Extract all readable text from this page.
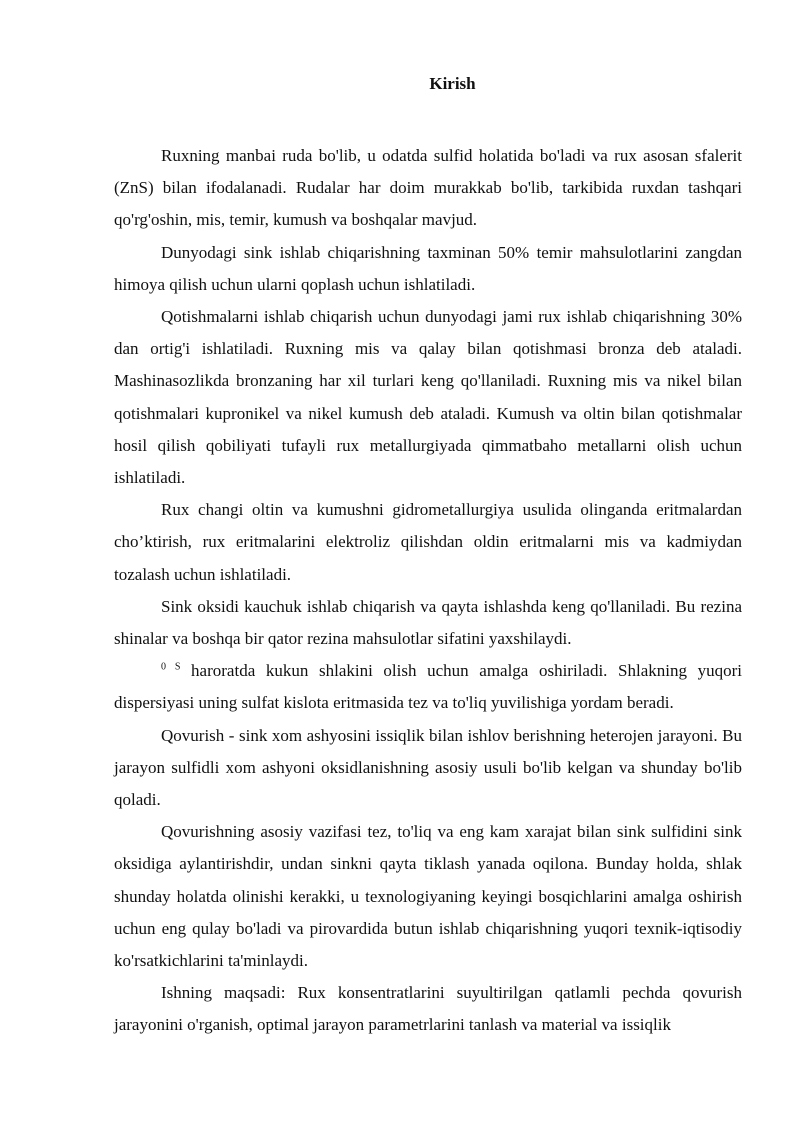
Kirish

Ruxning manbai ruda bo'lib, u odatda sulfid holatida bo'ladi va rux asosan sfalerit (ZnS) bilan ifodalanadi. Rudalar har doim murakkab bo'lib, tarkibida ruxdan tashqari qo'rg'oshin, mis, temir, kumush va boshqalar mavjud.

Dunyodagi sink ishlab chiqarishning taxminan 50% temir mahsulotlarini zangdan himoya qilish uchun ularni qoplash uchun ishlatiladi.

Qotishmalarni ishlab chiqarish uchun dunyodagi jami rux ishlab chiqarishning 30% dan ortig'i ishlatiladi. Ruxning mis va qalay bilan qotishmasi bronza deb ataladi. Mashinasozlikda bronzaning har xil turlari keng qo'llaniladi. Ruxning mis va nikel bilan qotishmalari kupronikel va nikel kumush deb ataladi. Kumush va oltin bilan qotishmalar hosil qilish qobiliyati tufayli rux metallurgiyada qimmatbaho metallarni olish uchun ishlatiladi.

Rux changi oltin va kumushni gidrometallurgiya usulida olinganda eritmalardan cho’ktirish, rux eritmalarini elektroliz qilishdan oldin eritmalarni mis va kadmiydan tozalash uchun ishlatiladi.

Sink oksidi kauchuk ishlab chiqarish va qayta ishlashda keng qo'llaniladi. Bu rezina shinalar va boshqa bir qator rezina mahsulotlar sifatini yaxshilaydi.

$^{0 S}$ haroratda kukun shlakini olish uchun amalga oshiriladi. Shlakning yuqori dispersiyasi uning sulfat kislota eritmasida tez va to'liq yuvilishiga yordam beradi.

Qovurish - sink xom ashyosini issiqlik bilan ishlov berishning heterojen jarayoni. Bu jarayon sulfidli xom ashyoni oksidlanishning asosiy usuli bo'lib kelgan va shunday bo'lib qoladi.

Qovurishning asosiy vazifasi tez, to'liq va eng kam xarajat bilan sink sulfidini sink oksidiga aylantirishdir, undan sinkni qayta tiklash yanada oqilona. Bunday holda, shlak shunday holatda olinishi kerakki, u texnologiyaning keyingi bosqichlarini amalga oshirish uchun eng qulay bo'ladi va pirovardida butun ishlab chiqarishning yuqori texnik-iqtisodiy ko'rsatkichlarini ta'minlaydi.

Ishning maqsadi: Rux konsentratlarini suyultirilgan qatlamli pechda qovurish jarayonini o'rganish, optimal jarayon parametrlarini tanlash va material va issiqlik
